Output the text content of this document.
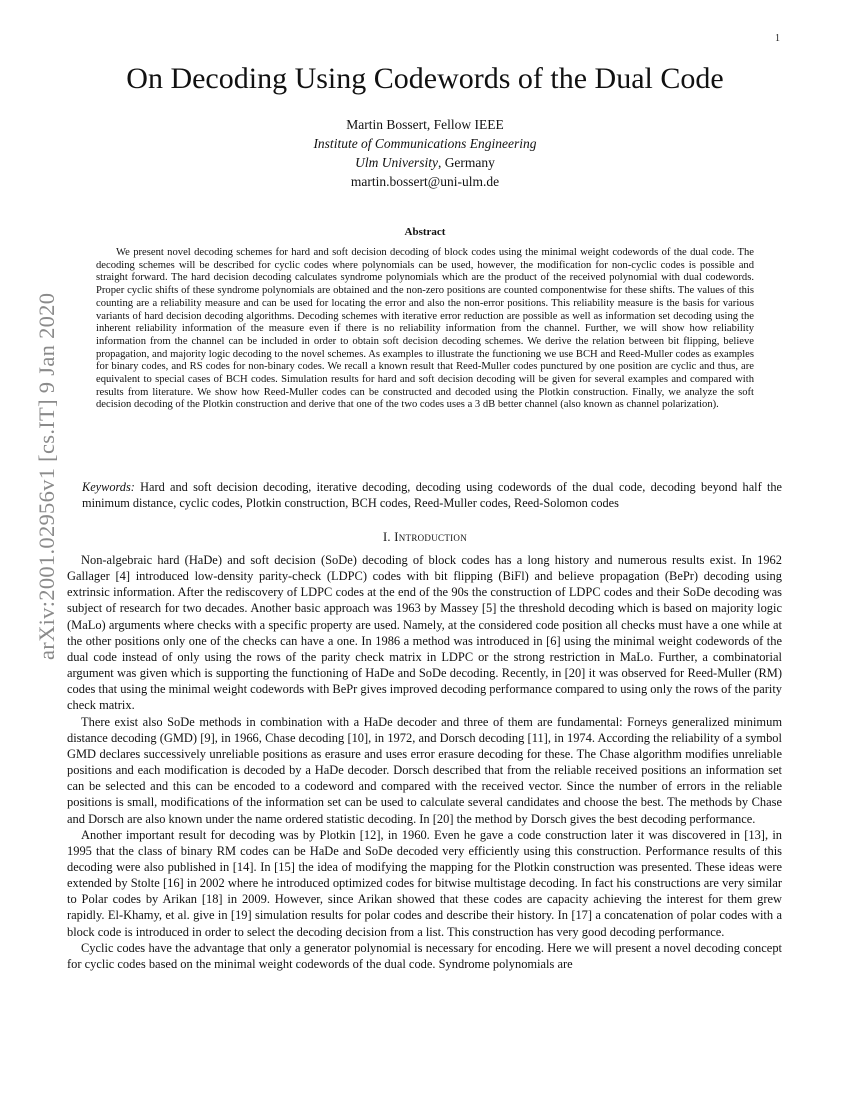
1
arXiv:2001.02956v1 [cs.IT] 9 Jan 2020
On Decoding Using Codewords of the Dual Code
Martin Bossert, Fellow IEEE
Institute of Communications Engineering
Ulm University, Germany
martin.bossert@uni-ulm.de
Abstract

We present novel decoding schemes for hard and soft decision decoding of block codes using the minimal weight codewords of the dual code. The decoding schemes will be described for cyclic codes where polynomials can be used, however, the modification for non-cyclic codes is possible and straight forward. The hard decision decoding calculates syndrome polynomials which are the product of the received polynomial with dual codewords. Proper cyclic shifts of these syndrome polynomials are obtained and the non-zero positions are counted componentwise for these shifts. The values of this counting are a reliability measure and can be used for locating the error and also the non-error positions. This reliability measure is the basis for various variants of hard decision decoding algorithms. Decoding schemes with iterative error reduction are possible as well as information set decoding using the inherent reliability information of the measure even if there is no reliability information from the channel. Further, we will show how reliability information from the channel can be included in order to obtain soft decision decoding schemes. We derive the relation between bit flipping, believe propagation, and majority logic decoding to the novel schemes. As examples to illustrate the functioning we use BCH and Reed-Muller codes as examples for binary codes, and RS codes for non-binary codes. We recall a known result that Reed-Muller codes punctured by one position are cyclic and thus, are equivalent to special cases of BCH codes. Simulation results for hard and soft decision decoding will be given for several examples and compared with results from literature. We show how Reed-Muller codes can be constructed and decoded using the Plotkin construction. Finally, we analyze the soft decision decoding of the Plotkin construction and derive that one of the two codes uses a 3 dB better channel (also known as channel polarization).

Keywords: Hard and soft decision decoding, iterative decoding, decoding using codewords of the dual code, decoding beyond half the minimum distance, cyclic codes, Plotkin construction, BCH codes, Reed-Muller codes, Reed-Solomon codes

I. Introduction

Non-algebraic hard (HaDe) and soft decision (SoDe) decoding of block codes has a long history and numerous results exist. In 1962 Gallager [4] introduced low-density parity-check (LDPC) codes with bit flipping (BiFl) and believe propagation (BePr) decoding using extrinsic information. After the rediscovery of LDPC codes at the end of the 90s the construction of LDPC codes and their SoDe decoding was subject of research for two decades. Another basic approach was 1963 by Massey [5] the threshold decoding which is based on majority logic (MaLo) arguments where checks with a specific property are used. Namely, at the considered code position all checks must have a one while at the other positions only one of the checks can have a one. In 1986 a method was introduced in [6] using the minimal weight codewords of the dual code instead of only using the rows of the parity check matrix in LDPC or the strong restriction in MaLo. Further, a combinatorial argument was given which is supporting the functioning of HaDe and SoDe decoding. Recently, in [20] it was observed for Reed-Muller (RM) codes that using the minimal weight codewords with BePr gives improved decoding performance compared to using only the rows of the parity check matrix.

There exist also SoDe methods in combination with a HaDe decoder and three of them are fundamental: Forneys generalized minimum distance decoding (GMD) [9], in 1966, Chase decoding [10], in 1972, and Dorsch decoding [11], in 1974. According the reliability of a symbol GMD declares successively unreliable positions as erasure and uses error erasure decoding for these. The Chase algorithm modifies unreliable positions and each modification is decoded by a HaDe decoder. Dorsch described that from the reliable received positions an information set can be selected and this can be encoded to a codeword and compared with the received vector. Since the number of errors in the reliable positions is small, modifications of the information set can be used to calculate several candidates and choose the best. The methods by Chase and Dorsch are also known under the name ordered statistic decoding. In [20] the method by Dorsch gives the best decoding performance.

Another important result for decoding was by Plotkin [12], in 1960. Even he gave a code construction later it was discovered in [13], in 1995 that the class of binary RM codes can be HaDe and SoDe decoded very efficiently using this construction. Performance results of this decoding were also published in [14]. In [15] the idea of modifying the mapping for the Plotkin construction was presented. These ideas were extended by Stolte [16] in 2002 where he introduced optimized codes for bitwise multistage decoding. In fact his constructions are very similar to Polar codes by Arikan [18] in 2009. However, since Arikan showed that these codes are capacity achieving the interest for them grew rapidly. El-Khamy, et al. give in [19] simulation results for polar codes and describe their history. In [17] a concatenation of polar codes with a block code is introduced in order to select the decoding decision from a list. This construction has very good decoding performance.

Cyclic codes have the advantage that only a generator polynomial is necessary for encoding. Here we will present a novel decoding concept for cyclic codes based on the minimal weight codewords of the dual code. Syndrome polynomials are
